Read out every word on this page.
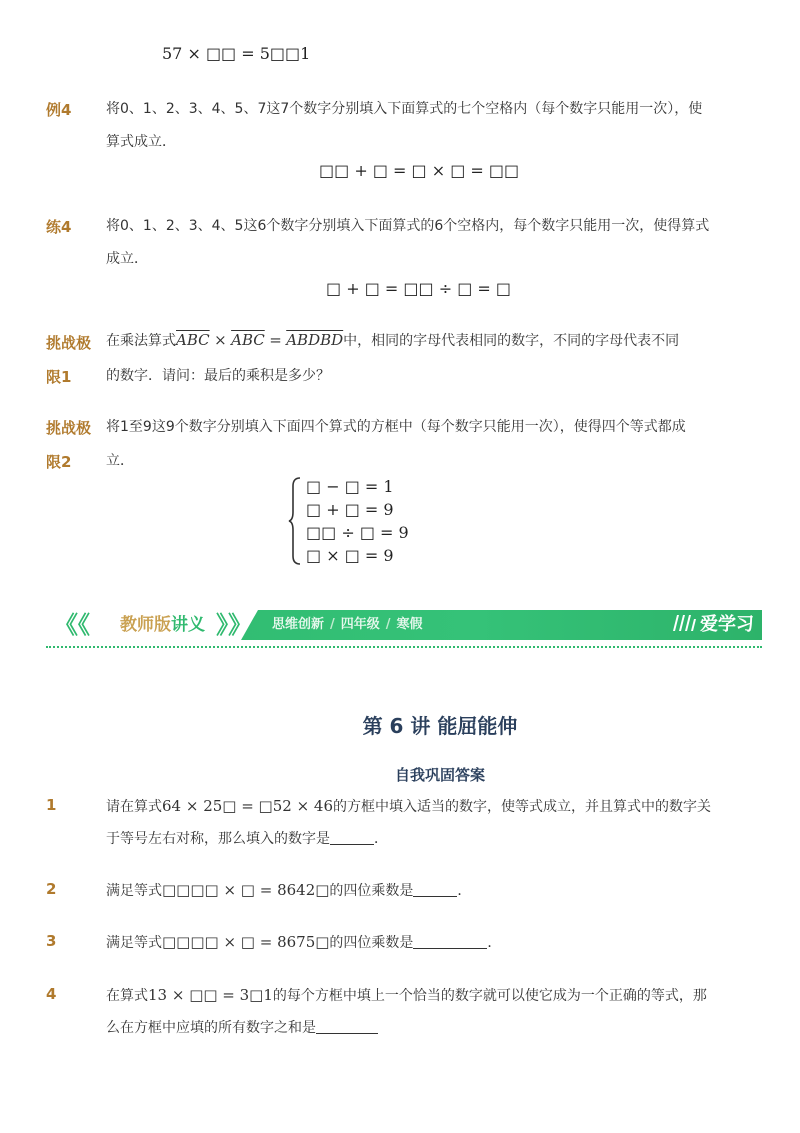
57 × □□ = 5□□1
例4 将0、1、2、3、4、5、7这7个数字分别填入下面算式的七个空格内（每个数字只能用一次），使
算式成立．
□□ + □ = □ × □ = □□
练4 将0、1、2、3、4、5这6个数字分别填入下面算式的6个空格内，每个数字只能用一次，使得算式
成立．
□ + □ = □□ ÷ □ = □
挑战极
限1
在乘法算式$\overline{ABC} \times \overline{ABC}$ = ABDBD中，相同的字母代表相同的数字，不同的字母代表不同
的数字．请问：最后的乘积是多少？
挑战极
限2
将1至9这9个数字分别填入下面四个算式的方框中（每个数字只能用一次），使得四个等式都成
立．
□ − □ = 1
□ + □ = 9
□□ ÷ □ = 9
□ × □ = 9
《《 教师版讲义 》》 思维创新 / 四年级 / 寒假	爱学习
第 6 讲 能屈能伸
自我巩固答案
1	请在算式64 × 25□ = □52 × 46的方框中填入适当的数字，使等式成立，并且算式中的数字关
于等号左右对称，那么填入的数字是	．
2	满足等式□□□□ × □ = 8642□的四位乘数是	．
3	满足等式□□□□ × □ = 8675□的四位乘数是	．
4	在算式13 × □□ = 3□1的每个方框中填上一个恰当的数字就可以使它成为一个正确的等式，那
么在方框中应填的所有数字之和是
